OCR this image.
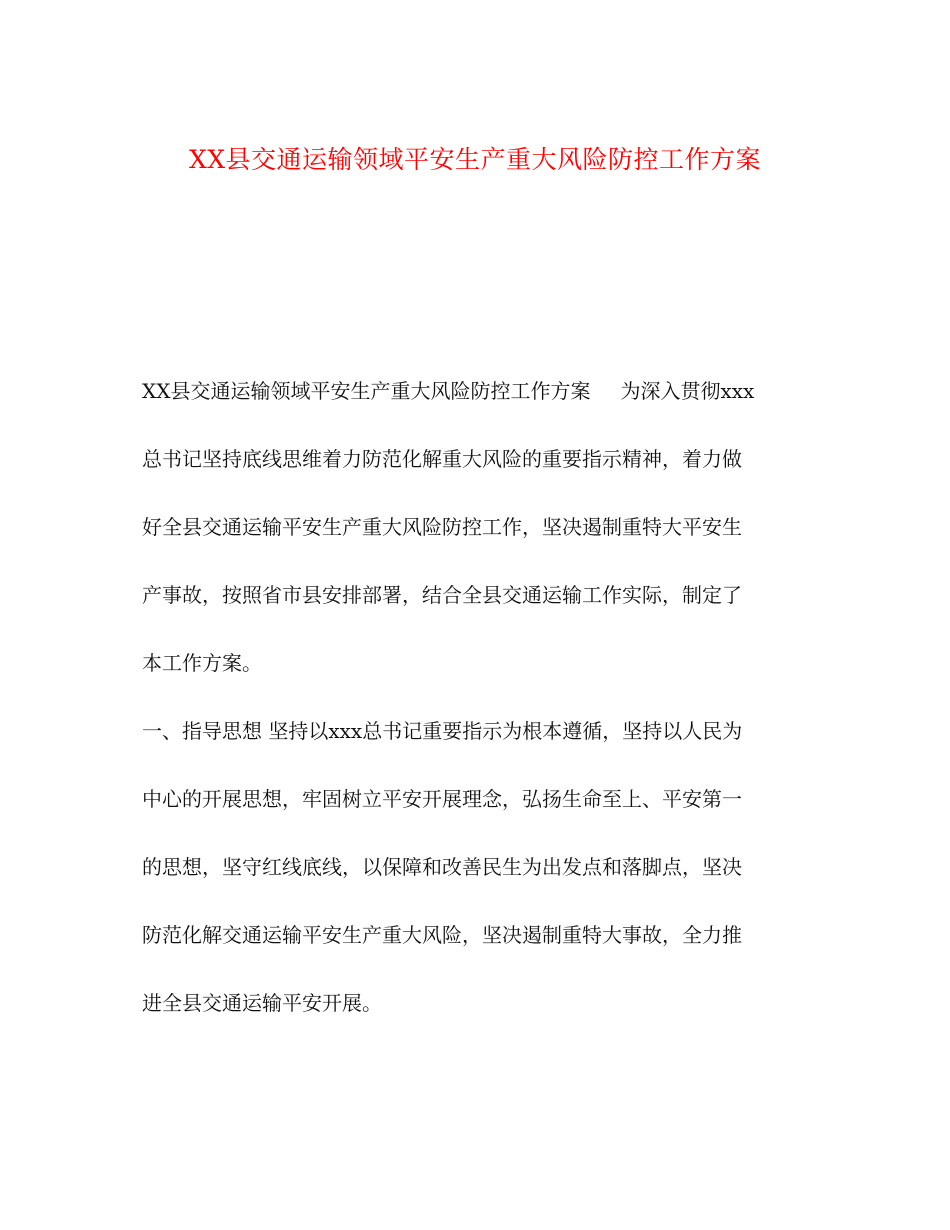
XX县交通运输领域平安生产重大风险防控工作方案
XX县交通运输领域平安生产重大风险防控工作方案 为深入贯彻xxx
总书记坚持底线思维着力防范化解重大风险的重要指示精神，着力做
好全县交通运输平安生产重大风险防控工作，坚决遏制重特大平安生
产事故，按照省市县安排部署，结合全县交通运输工作实际，制定了
本工作方案。
一、指导思想 坚持以xxx总书记重要指示为根本遵循，坚持以人民为
中心的开展思想，牢固树立平安开展理念，弘扬生命至上、平安第一
的思想，坚守红线底线，以保障和改善民生为出发点和落脚点，坚决
防范化解交通运输平安生产重大风险，坚决遏制重特大事故，全力推
进全县交通运输平安开展。
